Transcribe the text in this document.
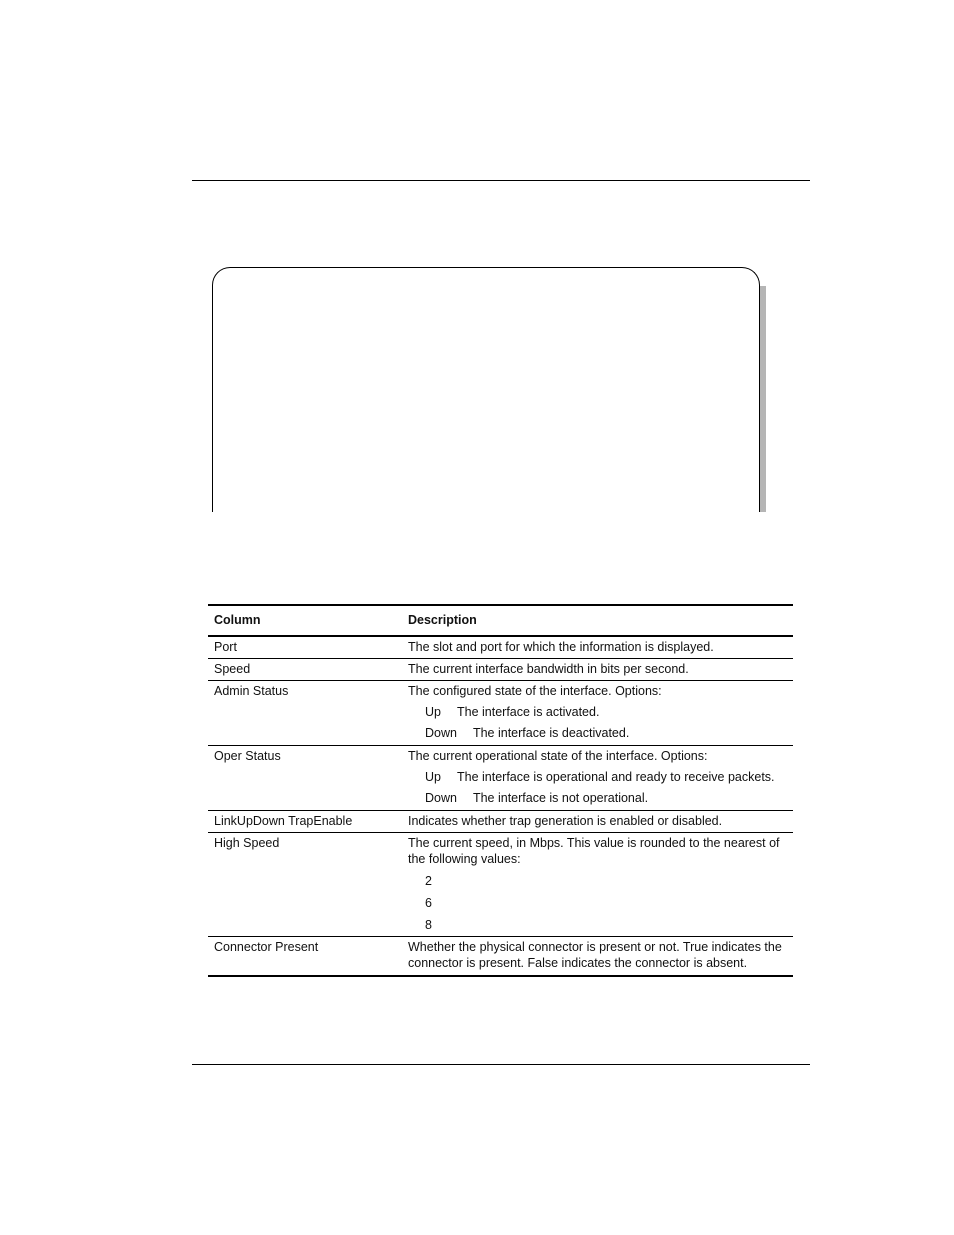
Column	Description
Port	The slot and port for which the information is displayed.
Speed	The current interface bandwidth in bits per second.
Admin Status	The configured state of the interface. Options:
Up The interface is activated.
Down The interface is deactivated.

Oper Status	The current operational state of the interface. Options:
Up The interface is operational and ready to receive packets.
Down The interface is not operational.

LinkUpDown TrapEnable	Indicates whether trap generation is enabled or disabled.
High Speed	The current speed, in Mbps. This value is rounded to the nearest of the following values:
2
6
8

Connector Present	Whether the physical connector is present or not. True indicates the connector is present. False indicates the connector is absent.
